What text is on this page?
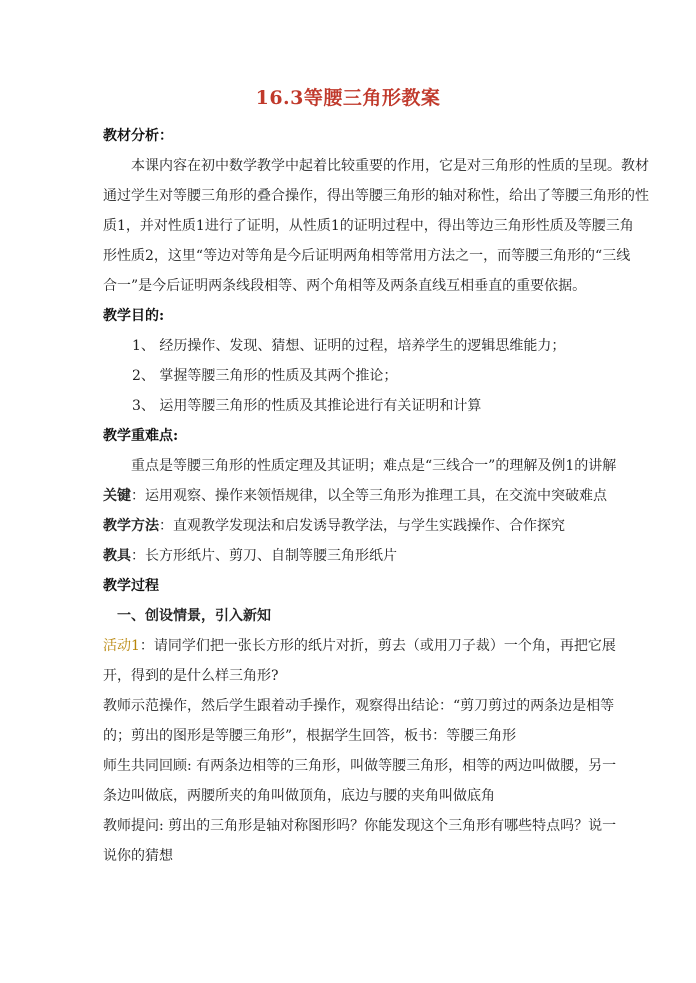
16.3等腰三角形教案
教材分析：
本课内容在初中数学教学中起着比较重要的作用，它是对三角形的性质的呈现。教材
通过学生对等腰三角形的叠合操作，得出等腰三角形的轴对称性，给出了等腰三角形的性
质1，并对性质1进行了证明，从性质1的证明过程中，得出等边三角形性质及等腰三角
形性质2，这里“等边对等角是今后证明两角相等常用方法之一，而等腰三角形的“三线
合一”是今后证明两条线段相等、两个角相等及两条直线互相垂直的重要依据。
教学目的:
1、 经历操作、发现、猜想、证明的过程，培养学生的逻辑思维能力；
2、 掌握等腰三角形的性质及其两个推论；
3、 运用等腰三角形的性质及其推论进行有关证明和计算
教学重难点:
重点是等腰三角形的性质定理及其证明；难点是“三线合一”的理解及例1的讲解
关键：运用观察、操作来领悟规律，以全等三角形为推理工具，在交流中突破难点
教学方法：直观教学发现法和启发诱导教学法，与学生实践操作、合作探究
教具：长方形纸片、剪刀、自制等腰三角形纸片
教学过程
一、创设情景，引入新知
活动1：请同学们把一张长方形的纸片对折，剪去（或用刀子裁）一个角，再把它展
开，得到的是什么样三角形?
教师示范操作，然后学生跟着动手操作，观察得出结论：“剪刀剪过的两条边是相等
的；剪出的图形是等腰三角形”，根据学生回答，板书：等腰三角形
师生共同回顾: 有两条边相等的三角形，叫做等腰三角形，相等的两边叫做腰，另一
条边叫做底，两腰所夹的角叫做顶角，底边与腰的夹角叫做底角
教师提问: 剪出的三角形是轴对称图形吗？你能发现这个三角形有哪些特点吗？说一
说你的猜想
